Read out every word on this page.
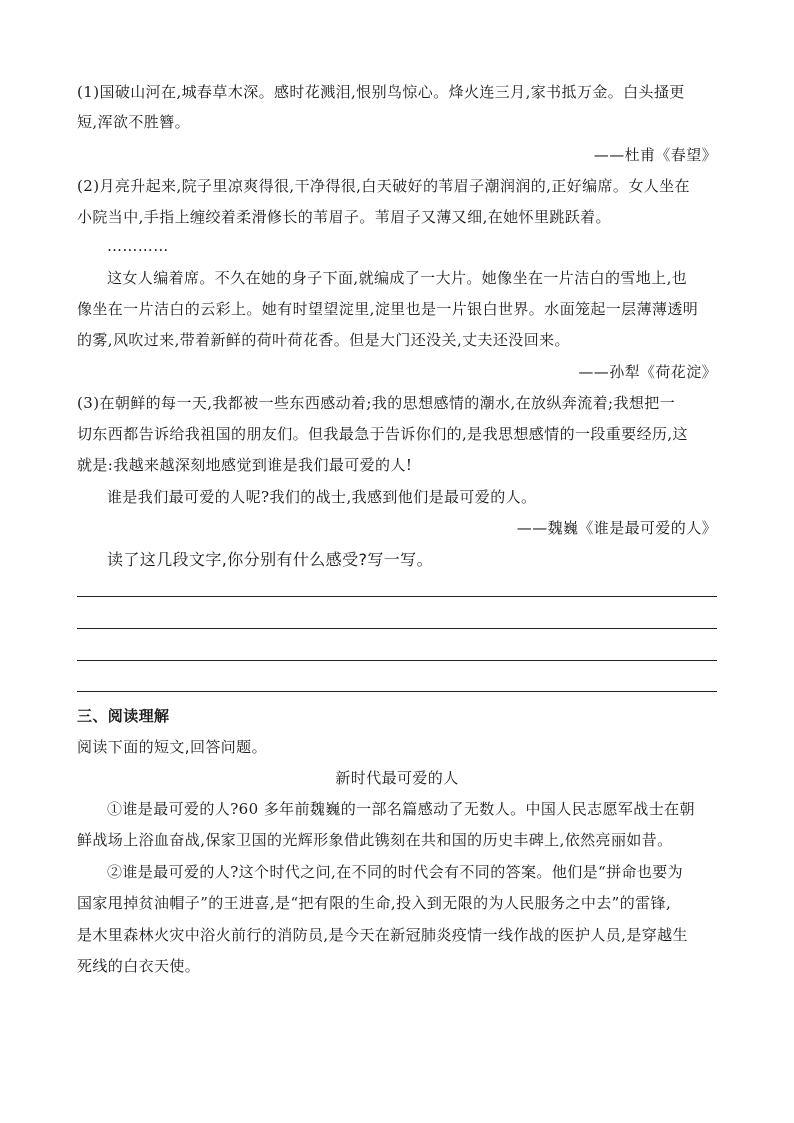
(1)国破山河在,城春草木深。感时花溅泪,恨别鸟惊心。烽火连三月,家书抵万金。白头搔更
短,浑欲不胜簪。
——杜甫《春望》
(2)月亮升起来,院子里凉爽得很,干净得很,白天破好的苇眉子潮润润的,正好编席。女人坐在
小院当中,手指上缠绞着柔滑修长的苇眉子。苇眉子又薄又细,在她怀里跳跃着。
…………
这女人编着席。不久在她的身子下面,就编成了一大片。她像坐在一片洁白的雪地上,也
像坐在一片洁白的云彩上。她有时望望淀里,淀里也是一片银白世界。水面笼起一层薄薄透明
的雾,风吹过来,带着新鲜的荷叶荷花香。但是大门还没关,丈夫还没回来。
——孙犁《荷花淀》
(3)在朝鲜的每一天,我都被一些东西感动着;我的思想感情的潮水,在放纵奔流着;我想把一
切东西都告诉给我祖国的朋友们。但我最急于告诉你们的,是我思想感情的一段重要经历,这
就是:我越来越深刻地感觉到谁是我们最可爱的人!
谁是我们最可爱的人呢?我们的战士,我感到他们是最可爱的人。
——魏巍《谁是最可爱的人》
读了这几段文字,你分别有什么感受?写一写。
三、阅读理解
阅读下面的短文,回答问题。
新时代最可爱的人
①谁是最可爱的人?60 多年前魏巍的一部名篇感动了无数人。中国人民志愿军战士在朝
鲜战场上浴血奋战,保家卫国的光辉形象借此镌刻在共和国的历史丰碑上,依然亮丽如昔。
②谁是最可爱的人?这个时代之问,在不同的时代会有不同的答案。他们是“拼命也要为
国家甩掉贫油帽子”的王进喜,是“把有限的生命,投入到无限的为人民服务之中去”的雷锋,
是木里森林火灾中浴火前行的消防员,是今天在新冠肺炎疫情一线作战的医护人员,是穿越生
死线的白衣天使。
